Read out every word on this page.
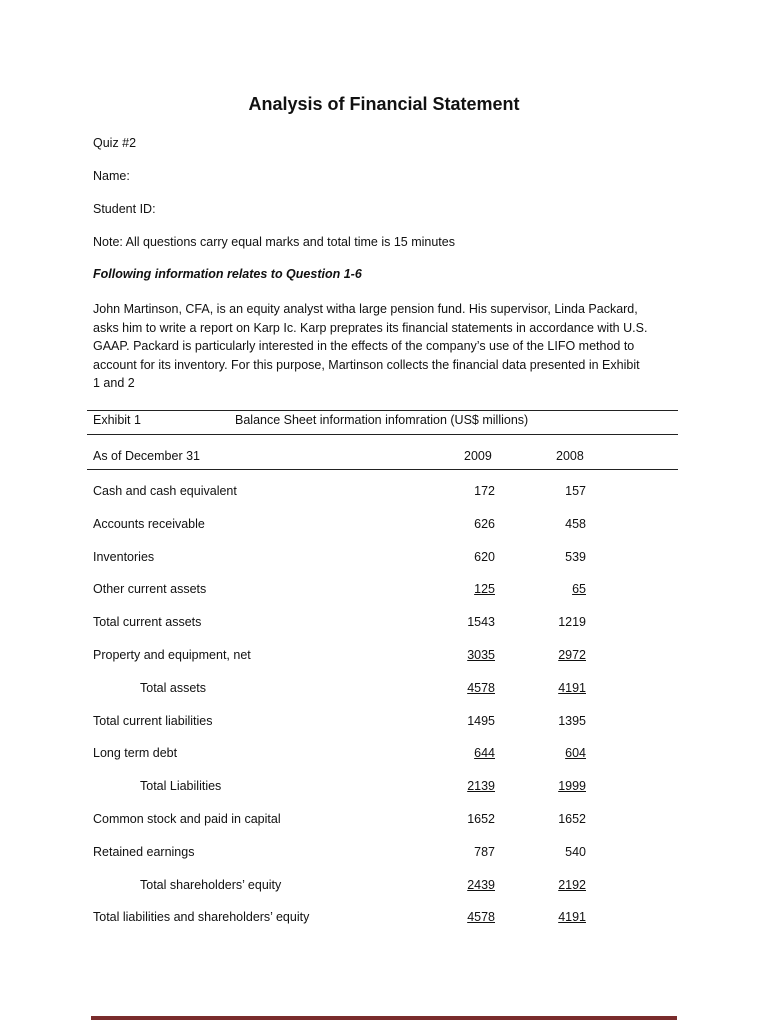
Analysis of Financial Statement
Quiz #2
Name:
Student ID:
Note: All questions carry equal marks and total time is 15 minutes
Following information relates to Question 1-6
John Martinson, CFA, is an equity analyst witha large pension fund. His supervisor, Linda Packard,
asks him to write a report on Karp Ic. Karp preprates its financial statements in accordance with U.S.
GAAP. Packard is particularly interested in the effects of the company’s use of the LIFO method to
account for its inventory. For this purpose, Martinson collects the financial data presented in Exhibit
1 and 2
Exhibit 1	Balance Sheet information infomration (US$ millions)
As of December 31	2009	2008
Cash and cash equivalent	172	157
Accounts receivable	626	458
Inventories	620	539
Other current assets	125	65
Total current assets	1543	1219
Property and equipment, net	3035	2972
Total assets	4578	4191
Total current liabilities	1495	1395
Long term debt	644	604
Total Liabilities	2139	1999
Common stock and paid in capital	1652	1652
Retained earnings	787	540
Total shareholders’ equity	2439	2192
Total liabilities and shareholders’ equity	4578	4191
